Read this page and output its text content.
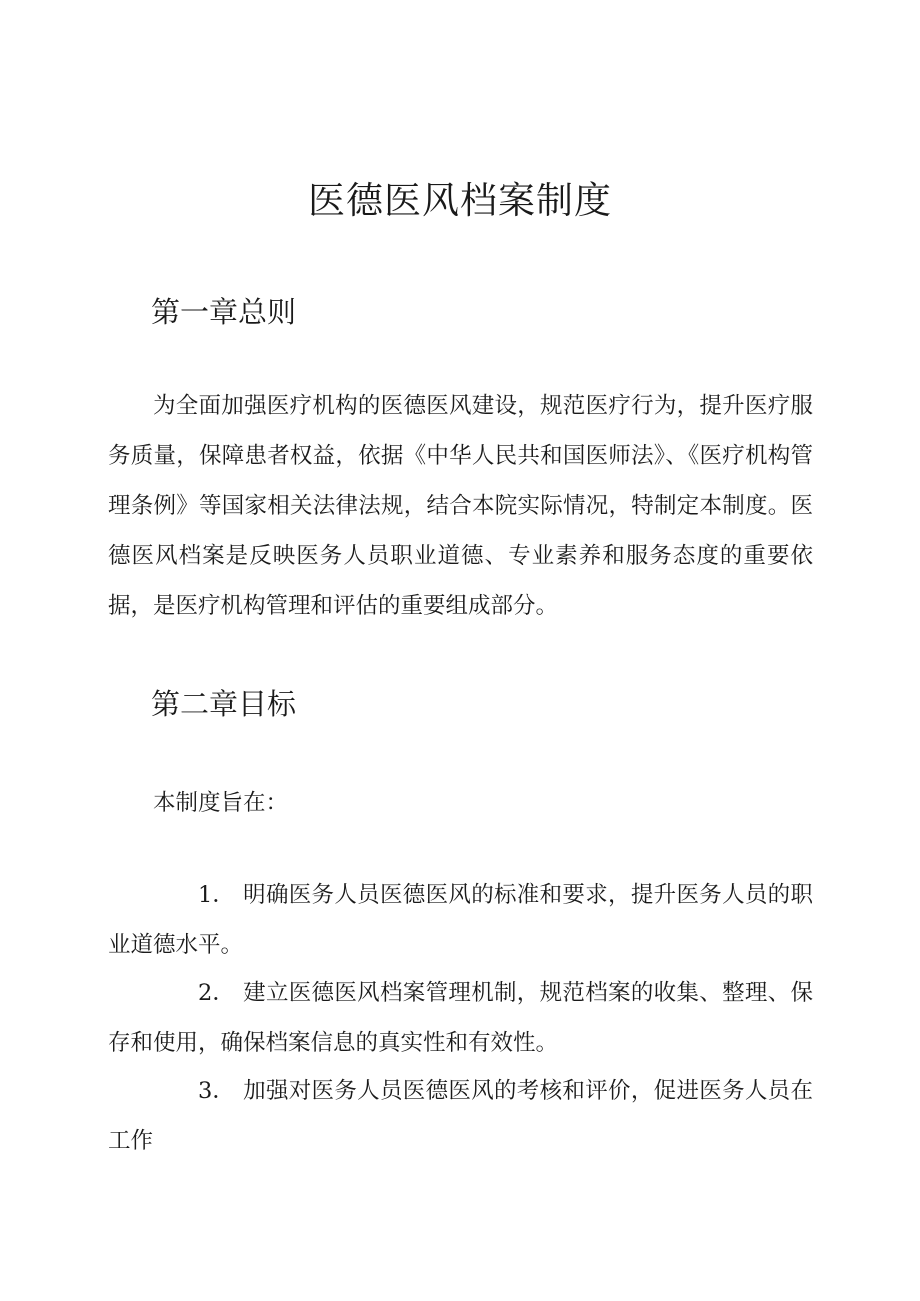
医德医风档案制度
第一章总则

为全面加强医疗机构的医德医风建设，规范医疗行为，提升医疗服务质量，保障患者权益，依据《中华人民共和国医师法》、《医疗机构管理条例》等国家相关法律法规，结合本院实际情况，特制定本制度。医德医风档案是反映医务人员职业道德、专业素养和服务态度的重要依据，是医疗机构管理和评估的重要组成部分。

第二章目标

本制度旨在：

1． 明确医务人员医德医风的标准和要求，提升医务人员的职业道德水平。

2． 建立医德医风档案管理机制，规范档案的收集、整理、保存和使用，确保档案信息的真实性和有效性。

3． 加强对医务人员医德医风的考核和评价，促进医务人员在工作
